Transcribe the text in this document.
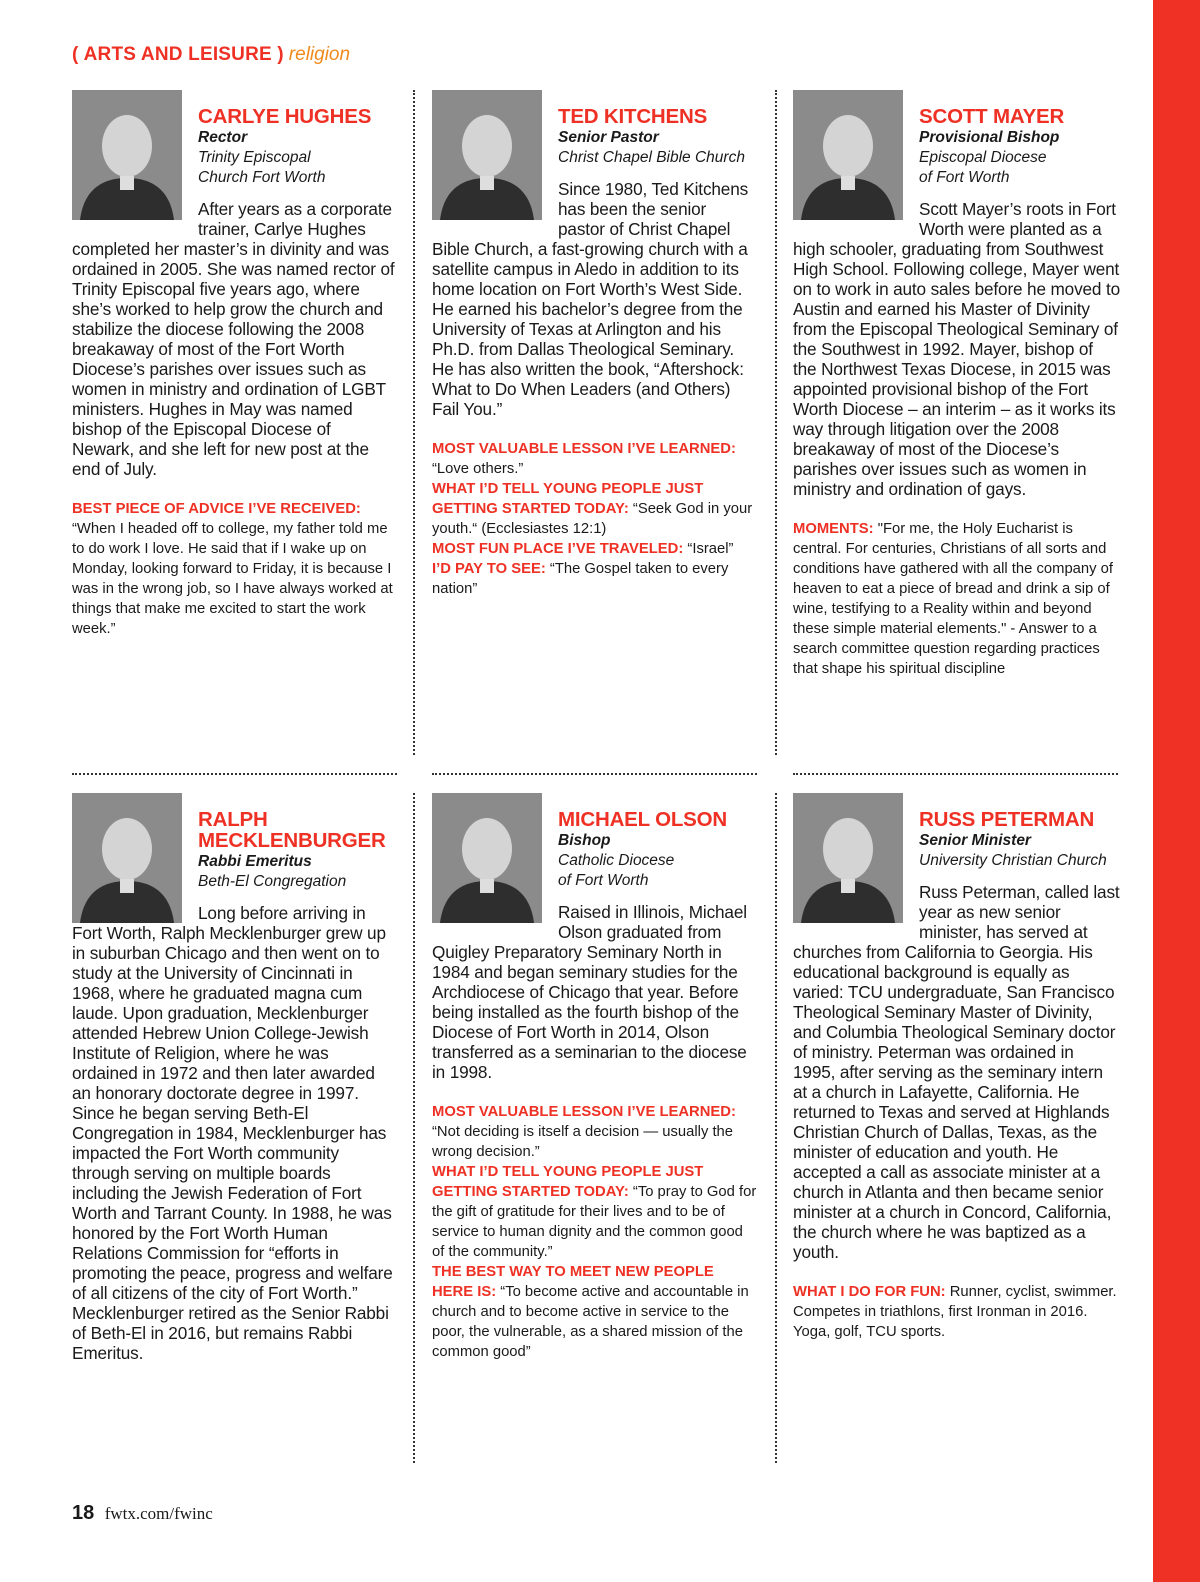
( ARTS AND LEISURE ) religion
CARLYE HUGHES
Rector
Trinity Episcopal
Church Fort Worth

After years as a corporate trainer, Carlye Hughes completed her master’s in divinity and was ordained in 2005. She was named rector of Trinity Episcopal five years ago, where she’s worked to help grow the church and stabilize the diocese following the 2008 breakaway of most of the Fort Worth Diocese’s parishes over issues such as women in ministry and ordination of LGBT ministers. Hughes in May was named bishop of the Episcopal Diocese of Newark, and she left for new post at the end of July.

BEST PIECE OF ADVICE I’VE RECEIVED: “When I headed off to college, my father told me to do work I love. He said that if I wake up on Monday, looking forward to Friday, it is because I was in the wrong job, so I have always worked at things that make me excited to start the work week.”

TED KITCHENS
Senior Pastor
Christ Chapel Bible Church

Since 1980, Ted Kitchens has been the senior pastor of Christ Chapel Bible Church, a fast-growing church with a satellite campus in Aledo in addition to its home location on Fort Worth’s West Side. He earned his bachelor’s degree from the University of Texas at Arlington and his Ph.D. from Dallas Theological Seminary. He has also written the book, “Aftershock: What to Do When Leaders (and Others) Fail You.”

MOST VALUABLE LESSON I’VE LEARNED: “Love others.”

WHAT I’D TELL YOUNG PEOPLE JUST GETTING STARTED TODAY: “Seek God in your youth.“ (Ecclesiastes 12:1)

MOST FUN PLACE I’VE TRAVELED: “Israel”

I’D PAY TO SEE: “The Gospel taken to every nation”

SCOTT MAYER
Provisional Bishop
Episcopal Diocese
of Fort Worth

Scott Mayer’s roots in Fort Worth were planted as a high schooler, graduating from Southwest High School. Following college, Mayer went on to work in auto sales before he moved to Austin and earned his Master of Divinity from the Episcopal Theological Seminary of the Southwest in 1992. Mayer, bishop of the Northwest Texas Diocese, in 2015 was appointed provisional bishop of the Fort Worth Diocese – an interim – as it works its way through litigation over the 2008 breakaway of most of the Diocese’s parishes over issues such as women in ministry and ordination of gays.

MOMENTS: "For me, the Holy Eucharist is central. For centuries, Christians of all sorts and conditions have gathered with all the company of heaven to eat a piece of bread and drink a sip of wine, testifying to a Reality within and beyond these simple material elements." - Answer to a search committee question regarding practices that shape his spiritual discipline

RALPH
MECKLENBURGER
Rabbi Emeritus
Beth-El Congregation

Long before arriving in Fort Worth, Ralph Mecklenburger grew up in suburban Chicago and then went on to study at the University of Cincinnati in 1968, where he graduated magna cum laude. Upon graduation, Mecklenburger attended Hebrew Union College-Jewish Institute of Religion, where he was ordained in 1972 and then later awarded an honorary doctorate degree in 1997. Since he began serving Beth-El Congregation in 1984, Mecklenburger has impacted the Fort Worth community through serving on multiple boards including the Jewish Federation of Fort Worth and Tarrant County. In 1988, he was honored by the Fort Worth Human Relations Commission for “efforts in promoting the peace, progress and welfare of all citizens of the city of Fort Worth.” Mecklenburger retired as the Senior Rabbi of Beth-El in 2016, but remains Rabbi Emeritus.

MICHAEL OLSON
Bishop
Catholic Diocese
of Fort Worth

Raised in Illinois, Michael Olson graduated from Quigley Preparatory Seminary North in 1984 and began seminary studies for the Archdiocese of Chicago that year. Before being installed as the fourth bishop of the Diocese of Fort Worth in 2014, Olson transferred as a seminarian to the diocese in 1998.

MOST VALUABLE LESSON I’VE LEARNED: “Not deciding is itself a decision — usually the wrong decision.”

WHAT I’D TELL YOUNG PEOPLE JUST GETTING STARTED TODAY: “To pray to God for the gift of gratitude for their lives and to be of service to human dignity and the common good of the community.”

THE BEST WAY TO MEET NEW PEOPLE HERE IS: “To become active and accountable in church and to become active in service to the poor, the vulnerable, as a shared mission of the common good”

RUSS PETERMAN
Senior Minister
University Christian Church

Russ Peterman, called last year as new senior minister, has served at churches from California to Georgia. His educational background is equally as varied: TCU undergraduate, San Francisco Theological Seminary Master of Divinity, and Columbia Theological Seminary doctor of ministry. Peterman was ordained in 1995, after serving as the seminary intern at a church in Lafayette, California. He returned to Texas and served at Highlands Christian Church of Dallas, Texas, as the minister of education and youth. He accepted a call as associate minister at a church in Atlanta and then became senior minister at a church in Concord, California, the church where he was baptized as a youth.

WHAT I DO FOR FUN: Runner, cyclist, swimmer. Competes in triathlons, first Ironman in 2016. Yoga, golf, TCU sports.

18 fwtx.com/fwinc
